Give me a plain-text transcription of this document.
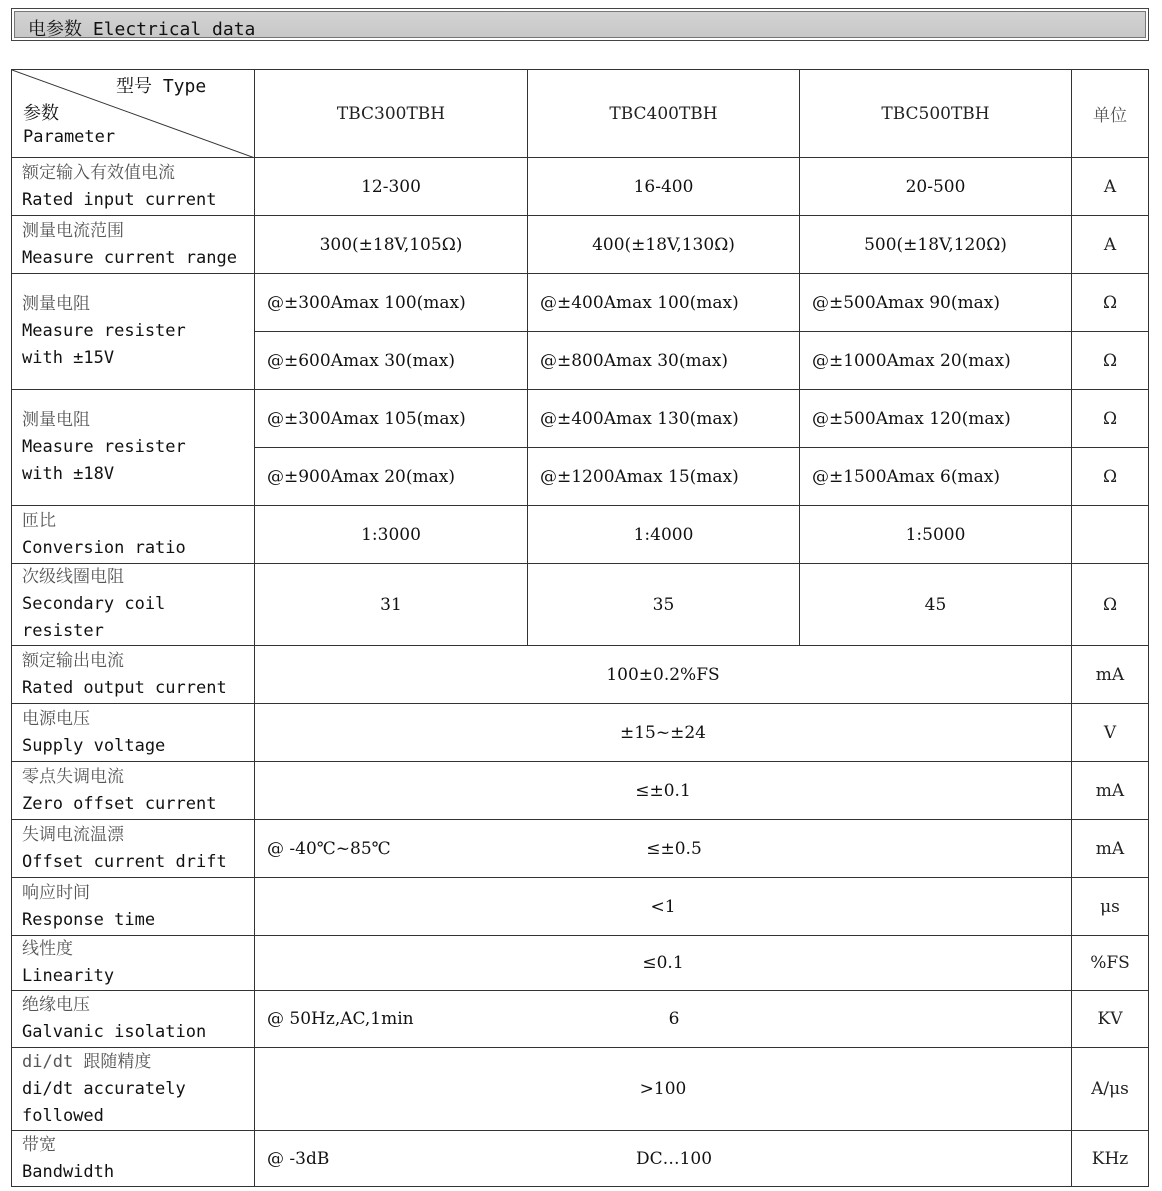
电参数 Electrical data
型号 Type
参数
Parameter	TBC300TBH	TBC400TBH	TBC500TBH	单位

额定输入有效值电流
Rated input current	12-300	16-400	20-500	A

测量电流范围
Measure current range	300(±18V,105Ω)	400(±18V,130Ω)	500(±18V,120Ω)	A

测量电阻
Measure resister
with ±15V	@±300Amax 100(max)	@±400Amax 100(max)	@±500Amax 90(max)	Ω
	@±600Amax 30(max)	@±800Amax 30(max)	@±1000Amax 20(max)	Ω

测量电阻
Measure resister
with ±18V	@±300Amax 105(max)	@±400Amax 130(max)	@±500Amax 120(max)	Ω
	@±900Amax 20(max)	@±1200Amax 15(max)	@±1500Amax 6(max)	Ω

匝比
Conversion ratio	1:3000	1:4000	1:5000	

次级线圈电阻
Secondary coil
resister	31	35	45	Ω

额定输出电流
Rated output current	100±0.2%FS			mA

电源电压
Supply voltage	±15~±24			V

零点失调电流
Zero offset current	≤±0.1			mA

失调电流温漂
Offset current drift	@ -40℃~85℃ ≤±0.5			mA

响应时间
Response time	<1			μs

线性度
Linearity	≤0.1			%FS

绝缘电压
Galvanic isolation	@ 50Hz,AC,1min 6			KV

di/dt 跟随精度
di/dt accurately
followed	>100			A/μs

带宽
Bandwidth	@ -3dB DC…100			KHz
